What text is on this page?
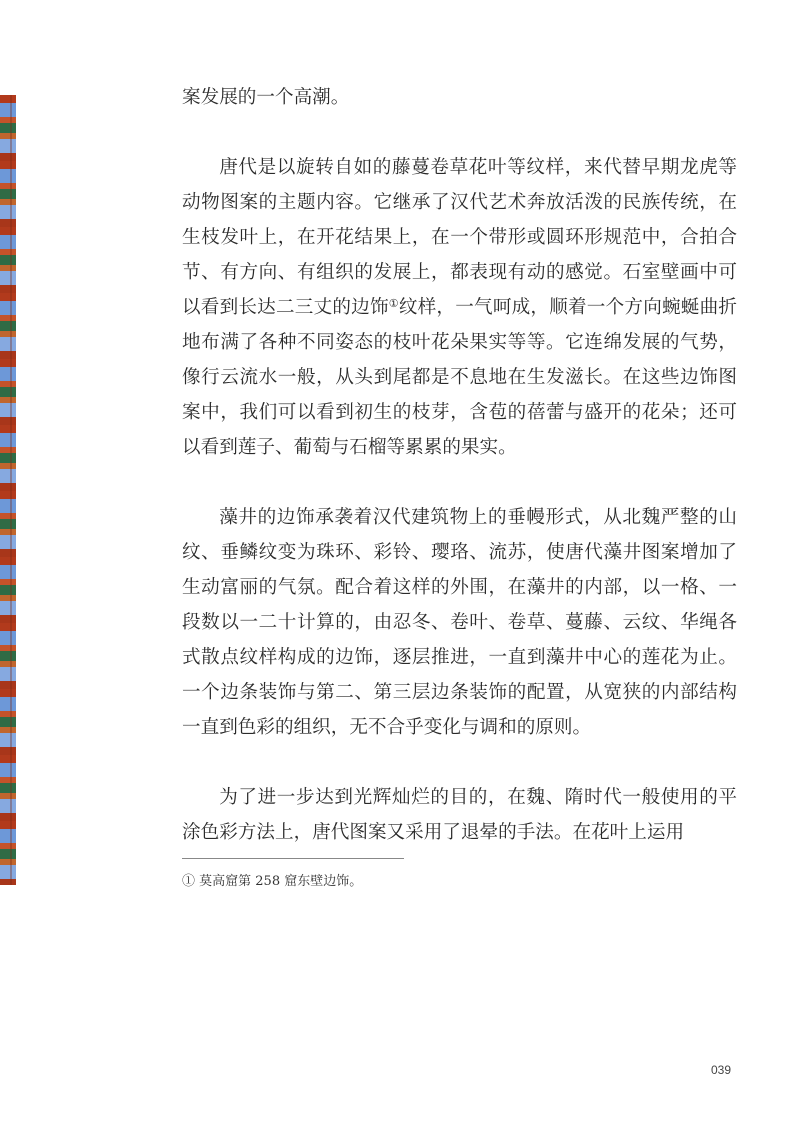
案发展的一个高潮。

唐代是以旋转自如的藤蔓卷草花叶等纹样，来代替早期龙虎等动物图案的主题内容。它继承了汉代艺术奔放活泼的民族传统，在生枝发叶上，在开花结果上，在一个带形或圆环形规范中，合拍合节、有方向、有组织的发展上，都表现有动的感觉。石室壁画中可以看到长达二三丈的边饰①纹样，一气呵成，顺着一个方向蜿蜒曲折地布满了各种不同姿态的枝叶花朵果实等等。它连绵发展的气势，像行云流水一般，从头到尾都是不息地在生发滋长。在这些边饰图案中，我们可以看到初生的枝芽，含苞的蓓蕾与盛开的花朵；还可以看到莲子、葡萄与石榴等累累的果实。

藻井的边饰承袭着汉代建筑物上的垂幔形式，从北魏严整的山纹、垂鳞纹变为珠环、彩铃、璎珞、流苏，使唐代藻井图案增加了生动富丽的气氛。配合着这样的外围，在藻井的内部，以一格、一段数以一二十计算的，由忍冬、卷叶、卷草、蔓藤、云纹、华绳各式散点纹样构成的边饰，逐层推进，一直到藻井中心的莲花为止。一个边条装饰与第二、第三层边条装饰的配置，从宽狭的内部结构一直到色彩的组织，无不合乎变化与调和的原则。

为了进一步达到光辉灿烂的目的，在魏、隋时代一般使用的平涂色彩方法上，唐代图案又采用了退晕的手法。在花叶上运用

① 莫高窟第 258 窟东壁边饰。
039
